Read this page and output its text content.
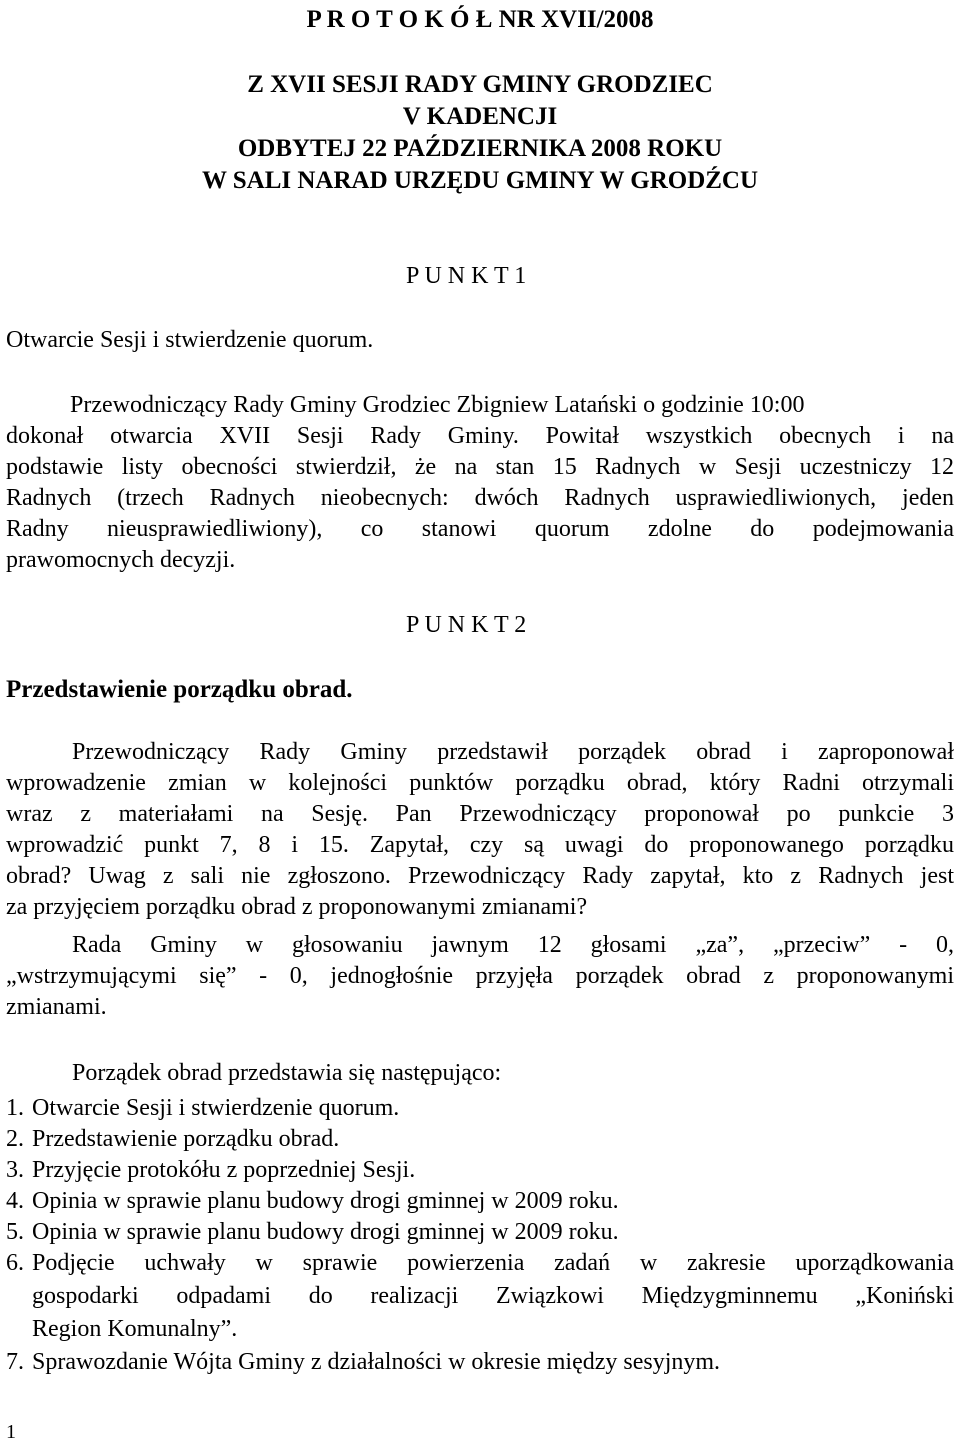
P R O T O K Ó Ł NR XVII/2008
Z XVII SESJI RADY GMINY GRODZIEC
V KADENCJI
ODBYTEJ 22 PAŹDZIERNIKA 2008 ROKU
W SALI NARAD URZĘDU GMINY W GRODŹCU
P U N K T 1
Otwarcie Sesji i stwierdzenie quorum.
Przewodniczący Rady Gminy Grodziec Zbigniew Latański o godzinie 10:00
dokonał otwarcia XVII Sesji Rady Gminy. Powitał wszystkich obecnych i na
podstawie listy obecności stwierdził, że na stan 15 Radnych w Sesji uczestniczy 12
Radnych (trzech Radnych nieobecnych: dwóch Radnych usprawiedliwionych, jeden
Radny nieusprawiedliwiony), co stanowi quorum zdolne do podejmowania
prawomocnych decyzji.
P U N K T 2
Przedstawienie porządku obrad.
Przewodniczący Rady Gminy przedstawił porządek obrad i zaproponował
wprowadzenie zmian w kolejności punktów porządku obrad, który Radni otrzymali
wraz z materiałami na Sesję. Pan Przewodniczący proponował po punkcie 3
wprowadzić punkt 7, 8 i 15. Zapytał, czy są uwagi do proponowanego porządku
obrad? Uwag z sali nie zgłoszono. Przewodniczący Rady zapytał, kto z Radnych jest
za przyjęciem porządku obrad z proponowanymi zmianami?
Rada Gminy w głosowaniu jawnym 12 głosami „za”, „przeciw” - 0,
„wstrzymującymi się” - 0, jednogłośnie przyjęła porządek obrad z proponowanymi
zmianami.
Porządek obrad przedstawia się następująco:
1. Otwarcie Sesji i stwierdzenie quorum.
2. Przedstawienie porządku obrad.
3. Przyjęcie protokółu z poprzedniej Sesji.
4. Opinia w sprawie planu budowy drogi gminnej w 2009 roku.
5. Opinia w sprawie planu budowy drogi gminnej w 2009 roku.
6. Podjęcie uchwały w sprawie powierzenia zadań w zakresie uporządkowania
gospodarki odpadami do realizacji Związkowi Międzygminnemu „Koniński
Region Komunalny”.
7. Sprawozdanie Wójta Gminy z działalności w okresie między sesyjnym.
1
